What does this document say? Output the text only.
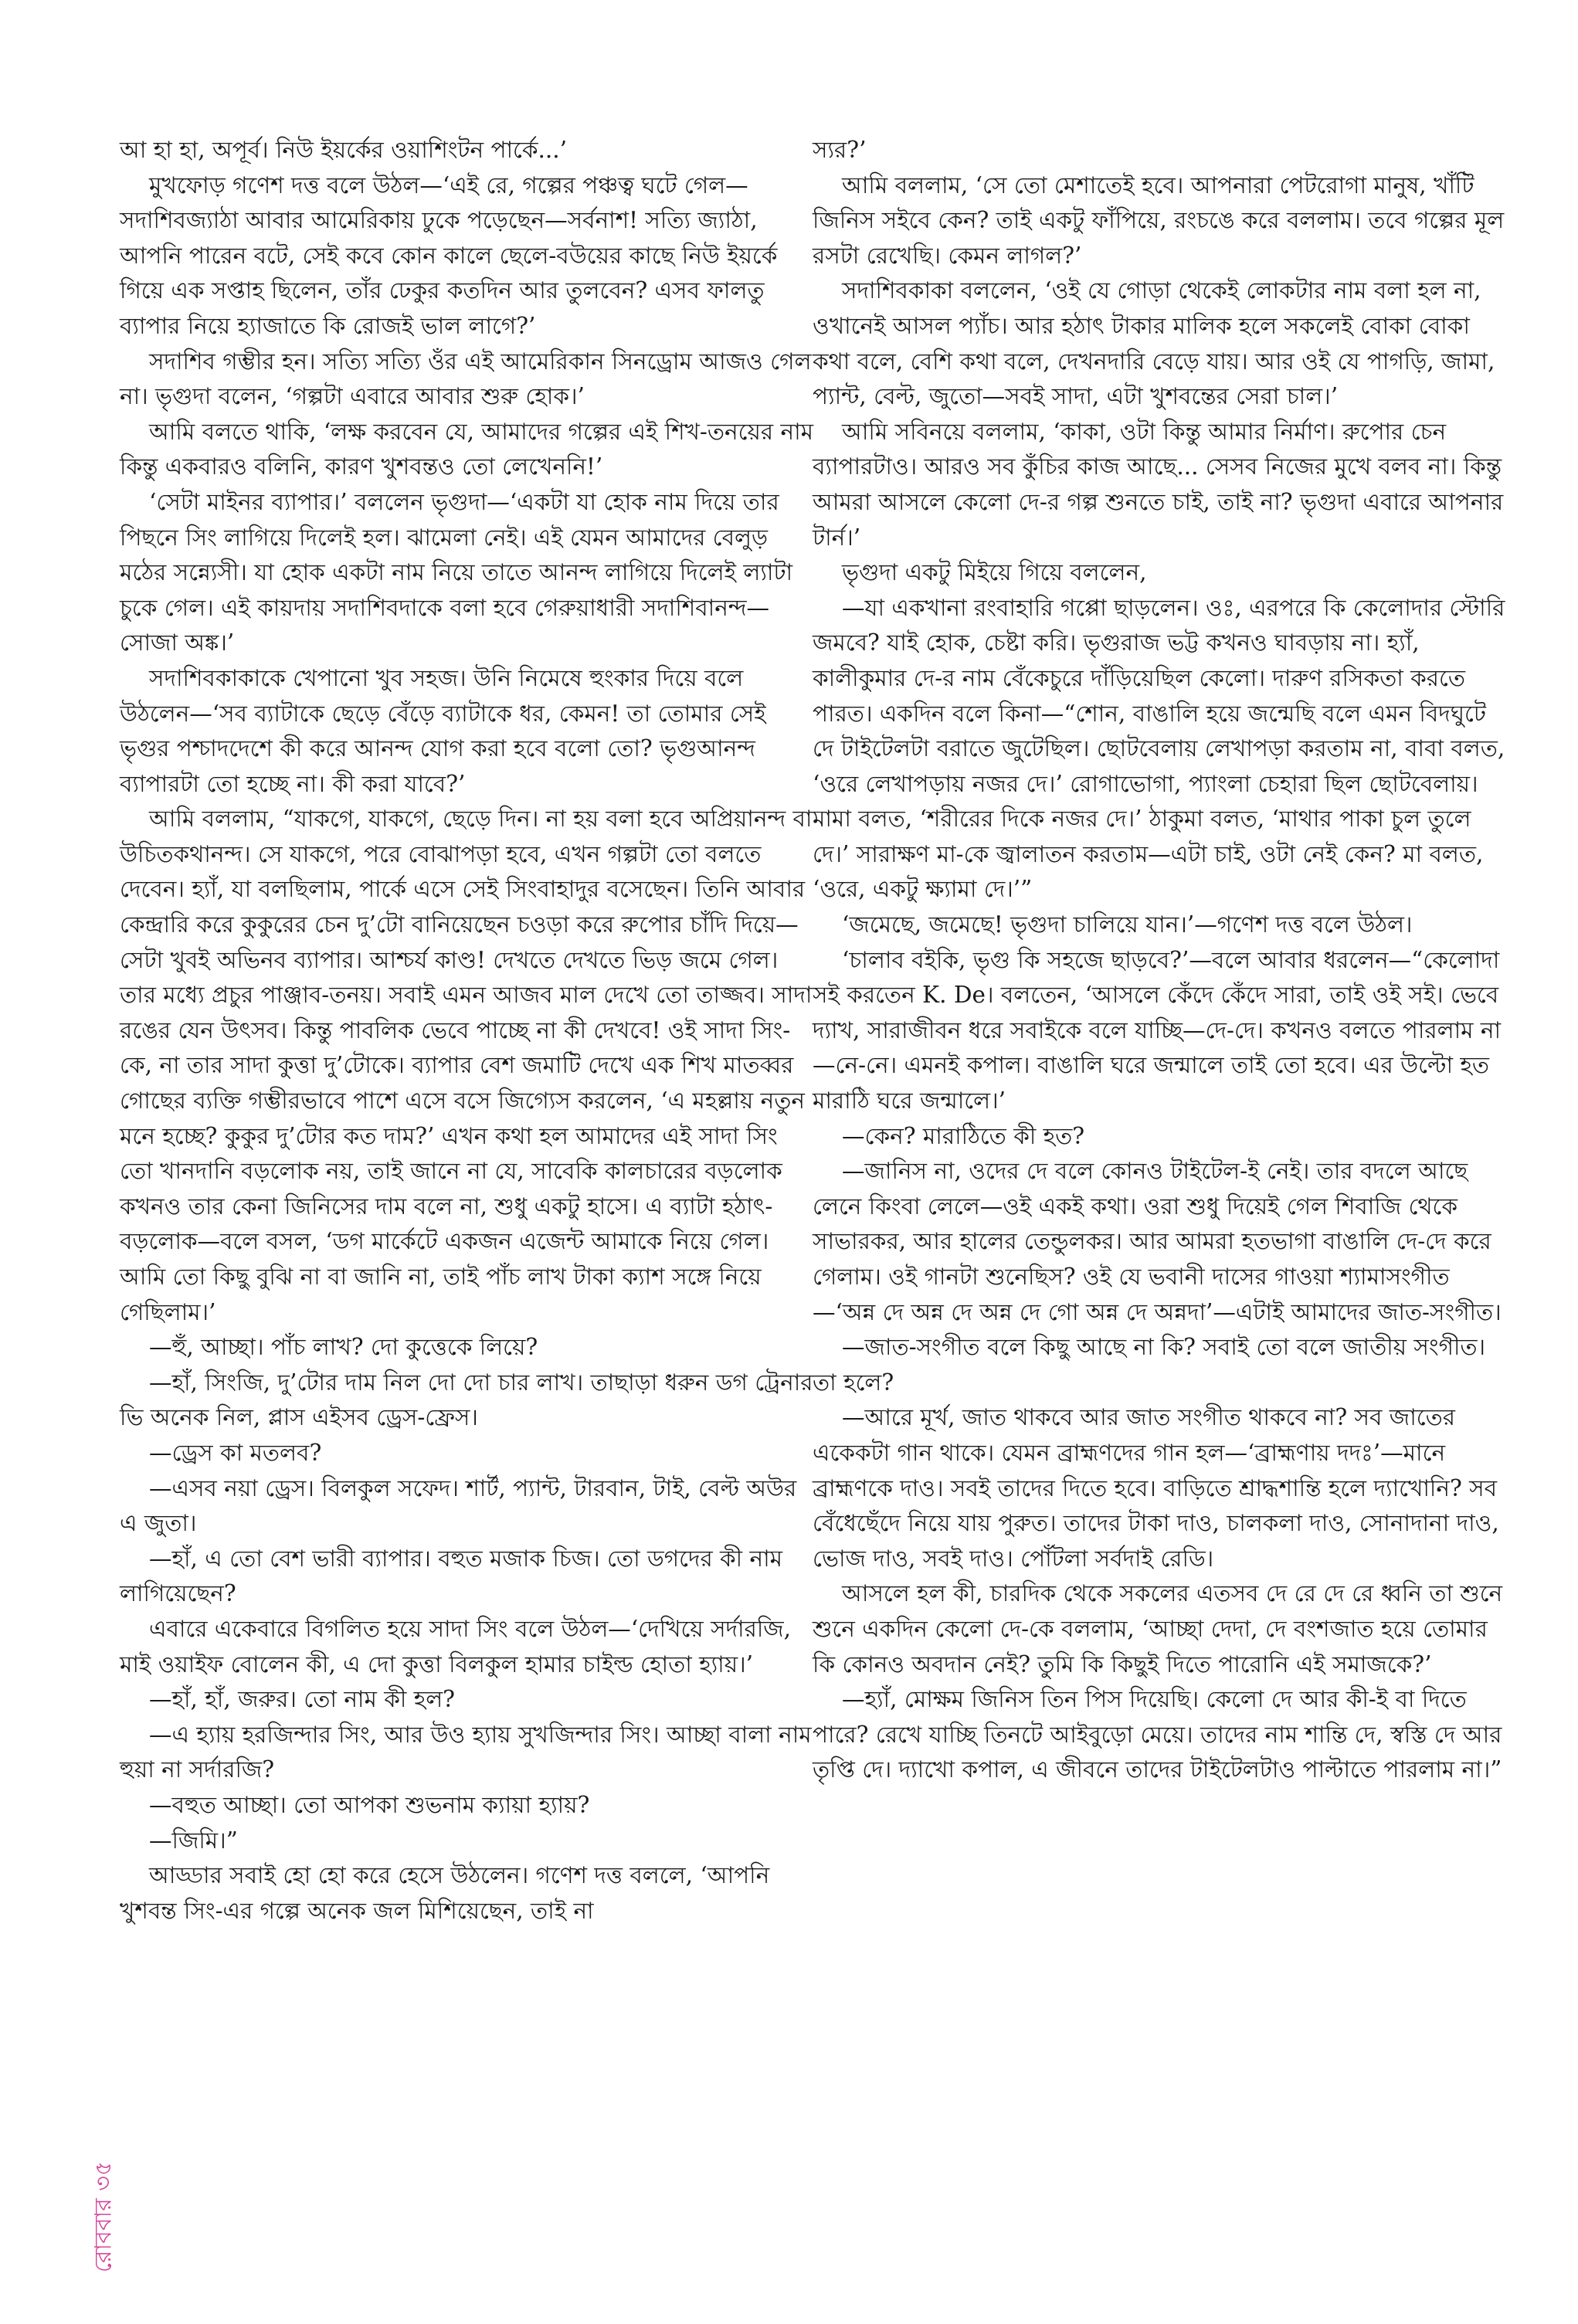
আ হা হা, অপূর্ব। নিউ ইয়র্কের ওয়াশিংটন পার্কে...’

মুখফোড় গণেশ দত্ত বলে উঠল—‘এই রে, গল্পের পঞ্চত্ব ঘটে গেল—সদাশিবজ্যাঠা আবার আমেরিকায় ঢুকে পড়েছেন—সর্বনাশ! সত্যি জ্যাঠা, আপনি পারেন বটে, সেই কবে কোন কালে ছেলে-বউয়ের কাছে নিউ ইয়র্কে গিয়ে এক সপ্তাহ ছিলেন, তাঁর ঢেকুর কতদিন আর তুলবেন? এসব ফালতু ব্যাপার নিয়ে হ্যাজাতে কি রোজই ভাল লাগে?’

সদাশিব গম্ভীর হন। সত্যি সত্যি ওঁর এই আমেরিকান সিনড্রোম আজও গেল না। ভৃগুদা বলেন, ‘গল্পটা এবারে আবার শুরু হোক।’

আমি বলতে থাকি, ‘লক্ষ করবেন যে, আমাদের গল্পের এই শিখ-তনয়ের নাম কিন্তু একবারও বলিনি, কারণ খুশবন্তও তো লেখেননি!’

‘সেটা মাইনর ব্যাপার।’ বললেন ভৃগুদা—‘একটা যা হোক নাম দিয়ে তার পিছনে সিং লাগিয়ে দিলেই হল। ঝামেলা নেই। এই যেমন আমাদের বেলুড় মঠের সন্ন্যেসী। যা হোক একটা নাম নিয়ে তাতে আনন্দ লাগিয়ে দিলেই ল্যাটা চুকে গেল। এই কায়দায় সদাশিবদাকে বলা হবে গেরুয়াধারী সদাশিবানন্দ—সোজা অঙ্ক।’

সদাশিবকাকাকে খেপানো খুব সহজ। উনি নিমেষে হুংকার দিয়ে বলে উঠলেন—‘সব ব্যাটাকে ছেড়ে বেঁড়ে ব্যাটাকে ধর, কেমন! তা তোমার সেই ভৃগুর পশ্চাদদেশে কী করে আনন্দ যোগ করা হবে বলো তো? ভৃগুআনন্দ ব্যাপারটা তো হচ্ছে না। কী করা যাবে?’

আমি বললাম, “যাকগে, যাকগে, ছেড়ে দিন। না হয় বলা হবে অপ্রিয়ানন্দ বা উচিতকথানন্দ। সে যাকগে, পরে বোঝাপড়া হবে, এখন গল্পটা তো বলতে দেবেন। হ্যাঁ, যা বলছিলাম, পার্কে এসে সেই সিংবাহাদুর বসেছেন। তিনি আবার কেন্দ্রারি করে কুকুরের চেন দু’টো বানিয়েছেন চওড়া করে রুপোর চাঁদি দিয়ে—সেটা খুবই অভিনব ব্যাপার। আশ্চর্য কাণ্ড! দেখতে দেখতে ভিড় জমে গেল। তার মধ্যে প্রচুর পাঞ্জাব-তনয়। সবাই এমন আজব মাল দেখে তো তাজ্জব। সাদা রঙের যেন উৎসব। কিন্তু পাবলিক ভেবে পাচ্ছে না কী দেখবে! ওই সাদা সিং-কে, না তার সাদা কুত্তা দু’টোকে। ব্যাপার বেশ জমাটি দেখে এক শিখ মাতব্বর গোছের ব্যক্তি গম্ভীরভাবে পাশে এসে বসে জিগ্যেস করলেন, ‘এ মহল্লায় নতুন মনে হচ্ছে? কুকুর দু’টোর কত দাম?’ এখন কথা হল আমাদের এই সাদা সিং তো খানদানি বড়লোক নয়, তাই জানে না যে, সাবেকি কালচারের বড়লোক কখনও তার কেনা জিনিসের দাম বলে না, শুধু একটু হাসে। এ ব্যাটা হঠাৎ-বড়লোক—বলে বসল, ‘ডগ মার্কেটে একজন এজেন্ট আমাকে নিয়ে গেল। আমি তো কিছু বুঝি না বা জানি না, তাই পাঁচ লাখ টাকা ক্যাশ সঙ্গে নিয়ে গেছিলাম।’

—হুঁ, আচ্ছা। পাঁচ লাখ? দো কুত্তেকে লিয়ে?

—হাঁ, সিংজি, দু’টোর দাম নিল দো দো চার লাখ। তাছাড়া ধরুন ডগ ট্রেনার ভি অনেক নিল, প্লাস এইসব ড্রেস-ফ্রেস।

—ড্রেস কা মতলব?

—এসব নয়া ড্রেস। বিলকুল সফেদ। শার্ট, প্যান্ট, টারবান, টাই, বেল্ট অউর এ জুতা।

—হাঁ, এ তো বেশ ভারী ব্যাপার। বহুত মজাক চিজ। তো ডগদের কী নাম লাগিয়েছেন?

এবারে একেবারে বিগলিত হয়ে সাদা সিং বলে উঠল—‘দেখিয়ে সর্দারজি, মাই ওয়াইফ বোলেন কী, এ দো কুত্তা বিলকুল হামার চাইল্ড হোতা হ্যায়।’

—হাঁ, হাঁ, জরুর। তো নাম কী হল?

—এ হ্যায় হরজিন্দার সিং, আর উও হ্যায় সুখজিন্দার সিং। আচ্ছা বালা নাম হুয়া না সর্দারজি?

—বহুত আচ্ছা। তো আপকা শুভনাম ক্যায়া হ্যায়?

—জিমি।”

আড্ডার সবাই হো হো করে হেসে উঠলেন। গণেশ দত্ত বললে, ‘আপনি খুশবন্ত সিং-এর গল্পে অনেক জল মিশিয়েছেন, তাই না

স্যর?’

আমি বললাম, ‘সে তো মেশাতেই হবে। আপনারা পেটরোগা মানুষ, খাঁটি জিনিস সইবে কেন? তাই একটু ফাঁপিয়ে, রংচঙে করে বললাম। তবে গল্পের মূল রসটা রেখেছি। কেমন লাগল?’

সদাশিবকাকা বললেন, ‘ওই যে গোড়া থেকেই লোকটার নাম বলা হল না, ওখানেই আসল প্যাঁচ। আর হঠাৎ টাকার মালিক হলে সকলেই বোকা বোকা কথা বলে, বেশি কথা বলে, দেখনদারি বেড়ে যায়। আর ওই যে পাগড়ি, জামা, প্যান্ট, বেল্ট, জুতো—সবই সাদা, এটা খুশবন্তের সেরা চাল।’

আমি সবিনয়ে বললাম, ‘কাকা, ওটা কিন্তু আমার নির্মাণ। রুপোর চেন ব্যাপারটাও। আরও সব কুঁচির কাজ আছে... সেসব নিজের মুখে বলব না। কিন্তু আমরা আসলে কেলো দে-র গল্প শুনতে চাই, তাই না? ভৃগুদা এবারে আপনার টার্ন।’

ভৃগুদা একটু মিইয়ে গিয়ে বললেন,

—যা একখানা রংবাহারি গপ্পো ছাড়লেন। ওঃ, এরপরে কি কেলোদার স্টোরি জমবে? যাই হোক, চেষ্টা করি। ভৃগুরাজ ভট্ট কখনও ঘাবড়ায় না। হ্যাঁ, কালীকুমার দে-র নাম বেঁকেচুরে দাঁড়িয়েছিল কেলো। দারুণ রসিকতা করতে পারত। একদিন বলে কিনা—“শোন, বাঙালি হয়ে জন্মেছি বলে এমন বিদঘুটে দে টাইটেলটা বরাতে জুটেছিল। ছোটবেলায় লেখাপড়া করতাম না, বাবা বলত, ‘ওরে লেখাপড়ায় নজর দে।’ রোগাভোগা, প্যাংলা চেহারা ছিল ছোটবেলায়। মামা বলত, ‘শরীরের দিকে নজর দে।’ ঠাকুমা বলত, ‘মাথার পাকা চুল তুলে দে।’ সারাক্ষণ মা-কে জ্বালাতন করতাম—এটা চাই, ওটা নেই কেন? মা বলত, ‘ওরে, একটু ক্ষ্যামা দে।’”

‘জমেছে, জমেছে! ভৃগুদা চালিয়ে যান।’—গণেশ দত্ত বলে উঠল।

‘চালাব বইকি, ভৃগু কি সহজে ছাড়বে?’—বলে আবার ধরলেন—“কেলোদা সই করতেন K. De। বলতেন, ‘আসলে কেঁদে কেঁদে সারা, তাই ওই সই। ভেবে দ্যাখ, সারাজীবন ধরে সবাইকে বলে যাচ্ছি—দে-দে। কখনও বলতে পারলাম না—নে-নে। এমনই কপাল। বাঙালি ঘরে জন্মালে তাই তো হবে। এর উল্টো হত মারাঠি ঘরে জন্মালে।’

—কেন? মারাঠিতে কী হত?

—জানিস না, ওদের দে বলে কোনও টাইটেল-ই নেই। তার বদলে আছে লেনে কিংবা লেলে—ওই একই কথা। ওরা শুধু দিয়েই গেল শিবাজি থেকে সাভারকর, আর হালের তেন্ডুলকর। আর আমরা হতভাগা বাঙালি দে-দে করে গেলাম। ওই গানটা শুনেছিস? ওই যে ভবানী দাসের গাওয়া শ্যামাসংগীত—‘অন্ন দে অন্ন দে অন্ন দে গো অন্ন দে অন্নদা’—এটাই আমাদের জাত-সংগীত।

—জাত-সংগীত বলে কিছু আছে না কি? সবাই তো বলে জাতীয় সংগীত। তা হলে?

—আরে মূর্খ, জাত থাকবে আর জাত সংগীত থাকবে না? সব জাতের একেকটা গান থাকে। যেমন ব্রাহ্মণদের গান হল—‘ব্রাহ্মণায় দদঃ’—মানে ব্রাহ্মণকে দাও। সবই তাদের দিতে হবে। বাড়িতে শ্রাদ্ধশান্তি হলে দ্যাখোনি? সব বেঁধেছেঁদে নিয়ে যায় পুরুত। তাদের টাকা দাও, চালকলা দাও, সোনাদানা দাও, ভোজ দাও, সবই দাও। পোঁটলা সর্বদাই রেডি।

আসলে হল কী, চারদিক থেকে সকলের এতসব দে রে দে রে ধ্বনি তা শুনে শুনে একদিন কেলো দে-কে বললাম, ‘আচ্ছা দেদা, দে বংশজাত হয়ে তোমার কি কোনও অবদান নেই? তুমি কি কিছুই দিতে পারোনি এই সমাজকে?’

—হ্যাঁ, মোক্ষম জিনিস তিন পিস দিয়েছি। কেলো দে আর কী-ই বা দিতে পারে? রেখে যাচ্ছি তিনটে আইবুড়ো মেয়ে। তাদের নাম শান্তি দে, স্বস্তি দে আর তৃপ্তি দে। দ্যাখো কপাল, এ জীবনে তাদের টাইটেলটাও পাল্টাতে পারলাম না।”

রোববার ৩৫
